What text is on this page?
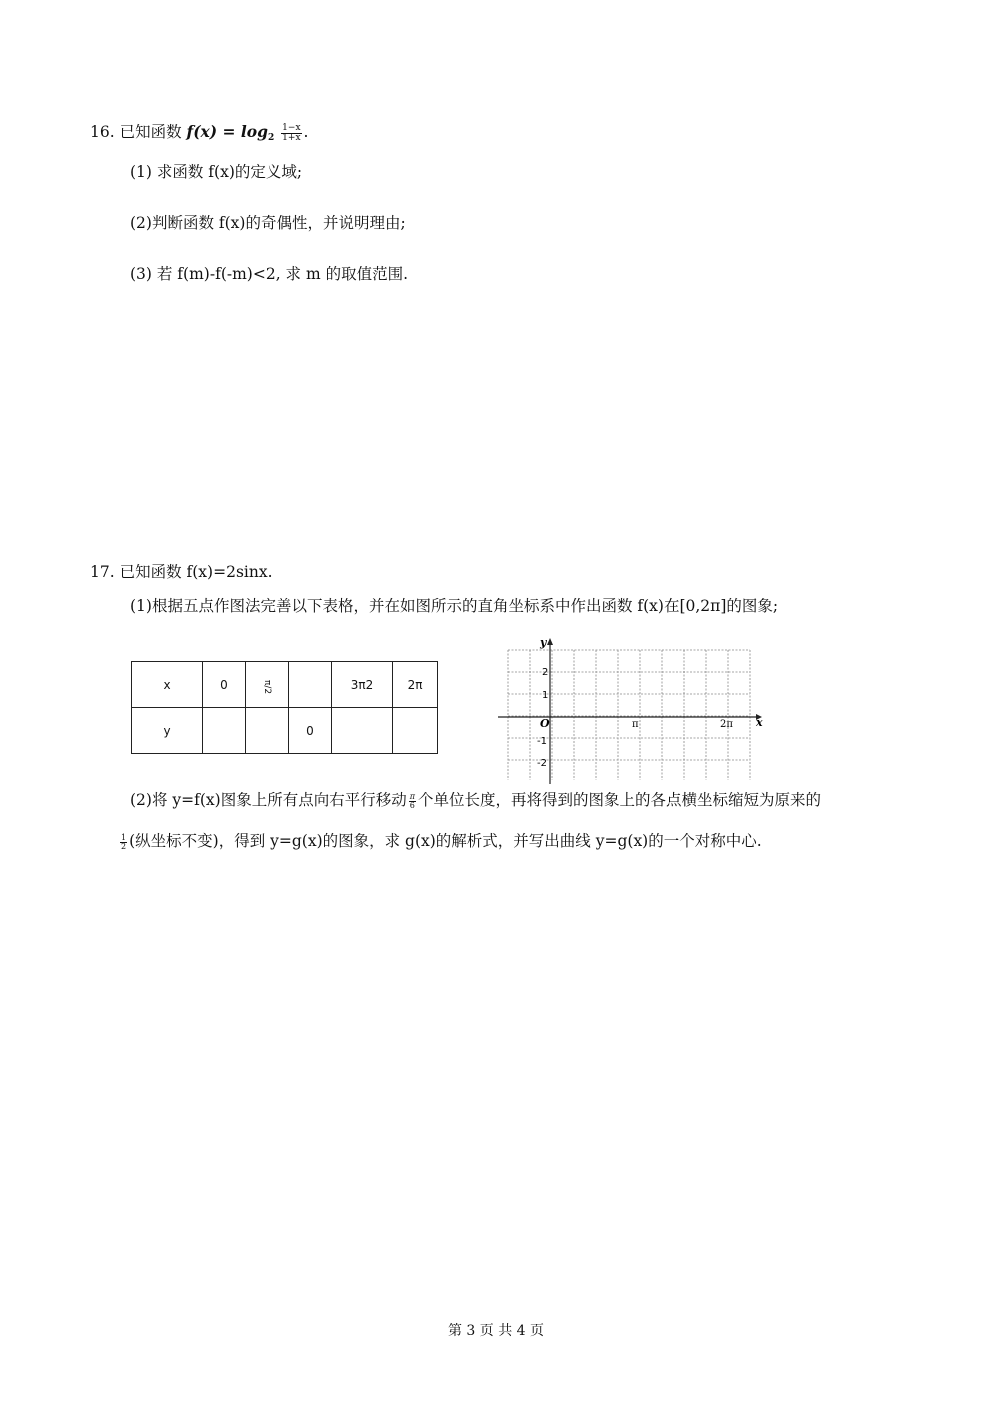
16. 已知函数 $f(x) = \log_2 \frac{1-x}{1+x}$ .
(1) 求函数 f(x)的定义域;
(2)判断函数 f(x)的奇偶性，并说明理由;
(3) 若 f(m)-f(-m)<2, 求 m 的取值范围.
17. 已知函数 f(x)=2sinx.
(1)根据五点作图法完善以下表格，并在如图所示的直角坐标系中作出函数 f(x)在[0,2π]的图象;
x	0	π/2		3π2	2π
y			0		
y
x
O
2
1
-1
-2
π	2π
(2)将 y=f(x)图象上所有点向右平行移动 $\frac{\pi}{6}$ 个单位长度，再将得到的图象上的各点横坐标缩短为原来的
$\frac{1}{2}$ (纵坐标不变)，得到 y=g(x)的图象，求 g(x)的解析式，并写出曲线 y=g(x)的一个对称中心.
第 3 页 共 4 页
